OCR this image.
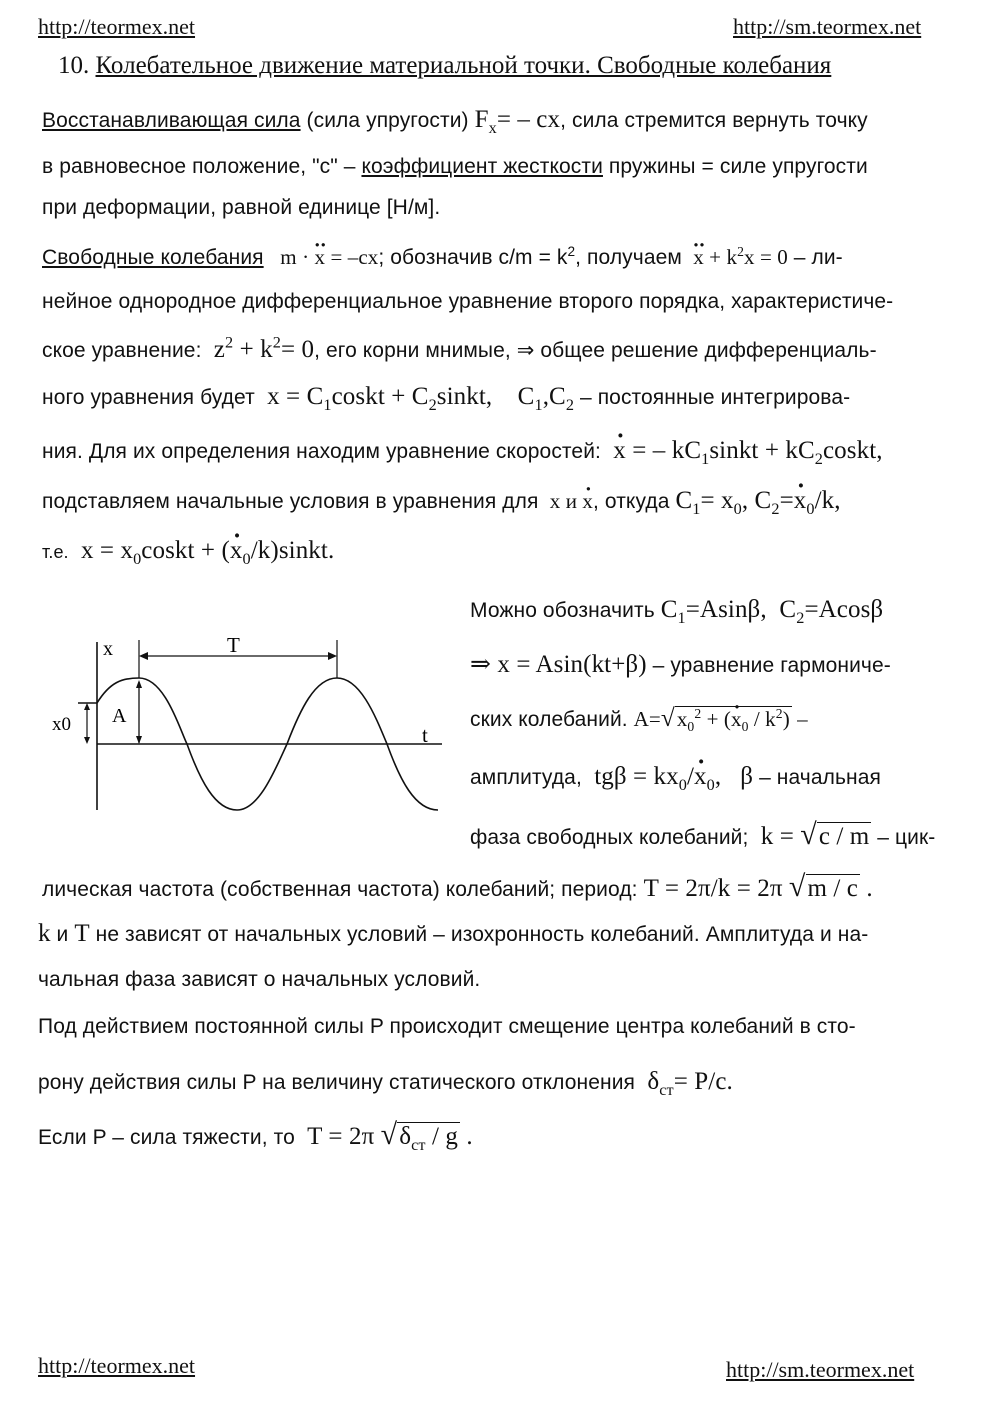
http://teormex.net	http://sm.teormex.net
10. Колебательное движение материальной точки. Свободные колебания
Восстанавливающая сила (сила упругости) $F_x=$ – cx, сила стремится вернуть точку
в равновесное положение, "c" – коэффициент жесткости пружины = силе упругости
при деформации, равной единице [Н/м].
Свободные колебания   m · x ·· = –cx; обозначив $c/m = k^2$, получаем x ·· + $k^2x = 0 - ли-$
нейное однородное дифференциальное уравнение второго порядка, характеристиче-
ское уравнение:  $z^2 + k^2= 0$, его корни мнимые, ⇒ общее решение дифференциаль-
ного уравнения будет  $x = C_1coskt$ + $C_2sinkt$,    $C_1,C_2$ – постоянные интегрирова-
ния. Для их определения находим уравнение скоростей: x · = – $kC_1sinkt$ + $kC_2coskt$,
подставляем начальные условия в уравнения для  x и x ·, откуда $C_1= x_0$, $C_2=x \cdot_0/k$,
т.е.  $x = x_0coskt + (x$ $\cdot_0/k)sinkt$.
x	T
A
x0	t
Можно обозначить $C_1=Asin\beta$,  $C_2=Acos\beta$
⇒ x = Asin(kt+β) – уравнение гармониче-
ских колебаний. $A=√x_0^2 + (x \cdot_0 / k^2)$ –
амплитуда,  $tg\beta = kx_0/x \cdot_0$,   β – начальная
фаза свободных колебаний;  k = √c / m – цик-
лическая частота (собственная частота) колебаний; период: T = 2π/k = 2π √m / c .
k и T не зависят от начальных условий – изохронность колебаний. Амплитуда и на-
чальная фаза зависят о начальных условий.
Под действием постоянной силы P происходит смещение центра колебаний в сто-
рону действия силы P на величину статического отклонения  $\delta_{ст}= P/c$.
Если P – сила тяжести, то  T = 2π $√\delta_{ст}$ / g .
http://teormex.net	http://sm.teormex.net
